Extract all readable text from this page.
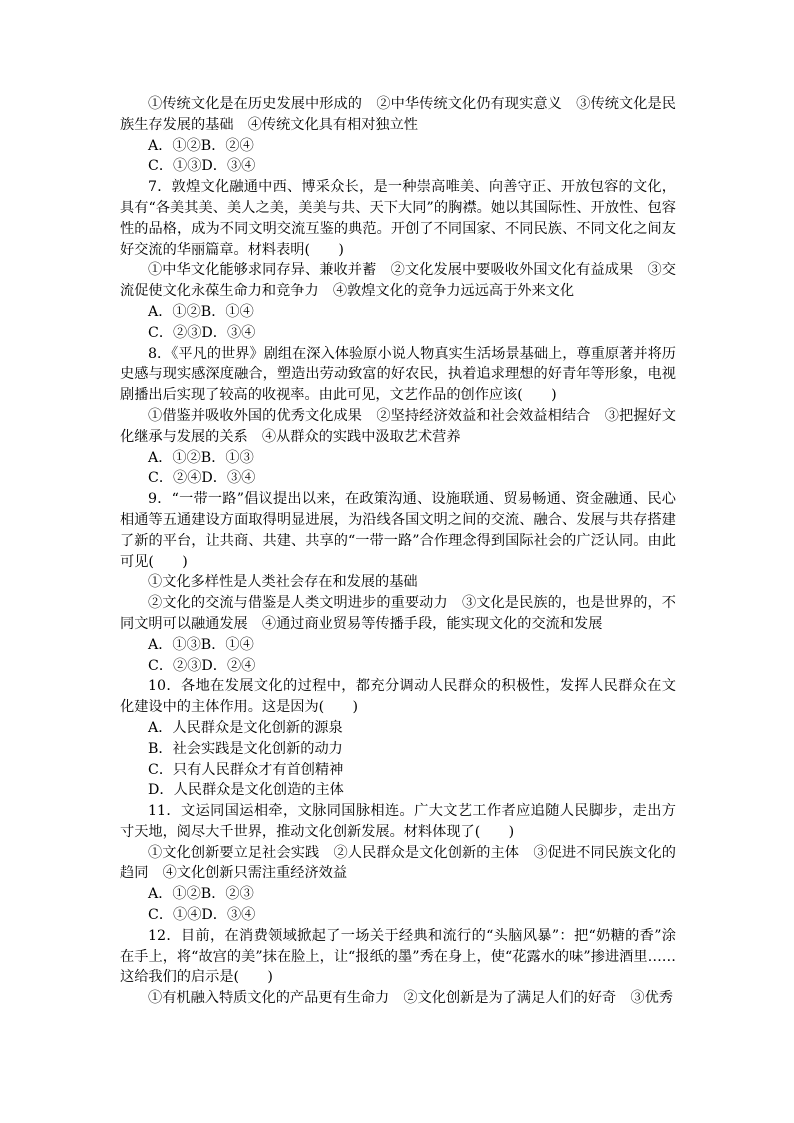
①传统文化是在历史发展中形成的　②中华传统文化仍有现实意义　③传统文化是民族生存发展的基础　④传统文化具有相对独立性

A．①②B．②④

C．①③D．③④

7．敦煌文化融通中西、博采众长，是一种崇高唯美、向善守正、开放包容的文化，具有“各美其美、美人之美，美美与共、天下大同”的胸襟。她以其国际性、开放性、包容性的品格，成为不同文明交流互鉴的典范。开创了不同国家、不同民族、不同文化之间友好交流的华丽篇章。材料表明(　　)

①中华文化能够求同存异、兼收并蓄　②文化发展中要吸收外国文化有益成果　③交流促使文化永葆生命力和竞争力　④敦煌文化的竞争力远远高于外来文化

A．①②B．①④

C．②③D．③④

8．《平凡的世界》剧组在深入体验原小说人物真实生活场景基础上，尊重原著并将历史感与现实感深度融合，塑造出劳动致富的好农民，执着追求理想的好青年等形象，电视剧播出后实现了较高的收视率。由此可见，文艺作品的创作应该(　　)

①借鉴并吸收外国的优秀文化成果　②坚持经济效益和社会效益相结合　③把握好文化继承与发展的关系　④从群众的实践中汲取艺术营养

A．①②B．①③

C．②④D．③④

9．“一带一路”倡议提出以来，在政策沟通、设施联通、贸易畅通、资金融通、民心相通等五通建设方面取得明显进展，为沿线各国文明之间的交流、融合、发展与共存搭建了新的平台，让共商、共建、共享的“一带一路”合作理念得到国际社会的广泛认同。由此可见(　　)

①文化多样性是人类社会存在和发展的基础

②文化的交流与借鉴是人类文明进步的重要动力　③文化是民族的，也是世界的，不同文明可以融通发展　④通过商业贸易等传播手段，能实现文化的交流和发展

A．①③B．①④

C．②③D．②④

10．各地在发展文化的过程中，都充分调动人民群众的积极性，发挥人民群众在文化建设中的主体作用。这是因为(　　)

A．人民群众是文化创新的源泉

B．社会实践是文化创新的动力

C．只有人民群众才有首创精神

D．人民群众是文化创造的主体

11．文运同国运相牵，文脉同国脉相连。广大文艺工作者应追随人民脚步，走出方寸天地，阅尽大千世界，推动文化创新发展。材料体现了(　　)

①文化创新要立足社会实践　②人民群众是文化创新的主体　③促进不同民族文化的趋同　④文化创新只需注重经济效益

A．①②B．②③

C．①④D．③④

12．目前，在消费领域掀起了一场关于经典和流行的“头脑风暴”：把“奶糖的香”涂在手上，将“故宫的美”抹在脸上，让“报纸的墨”秀在身上，使“花露水的味”掺进酒里……这给我们的启示是(　　)

①有机融入特质文化的产品更有生命力　②文化创新是为了满足人们的好奇　③优秀
